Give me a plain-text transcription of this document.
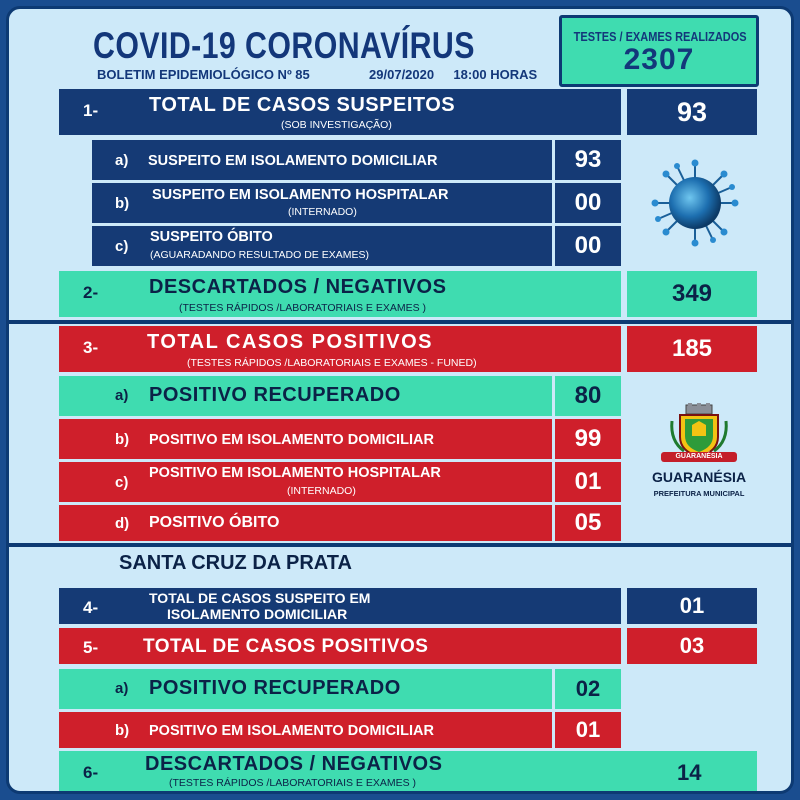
COVID-19 CORONAVÍRUS
BOLETIM EPIDEMIOLÓGICO Nº 85	29/07/2020 18:00 HORAS
TESTES / EXAMES REALIZADOS
2307
1-	TOTAL DE CASOS SUSPEITOS
(SOB INVESTIGAÇÃO)	93
a) SUSPEITO EM ISOLAMENTO DOMICILIAR	93
b) SUSPEITO EM ISOLAMENTO HOSPITALAR
(INTERNADO)	00
c)
SUSPEITO ÓBITO
(AGUARADANDO RESULTADO DE EXAMES)	00
2-	DESCARTADOS / NEGATIVOS
(TESTES RÁPIDOS /LABORATORIAIS E EXAMES )
349
3- TOTAL CASOS POSITIVOS
(TESTES RÁPIDOS /LABORATORIAIS E EXAMES - FUNED)
185
a) POSITIVO RECUPERADO	80
b) POSITIVO EM ISOLAMENTO DOMICILIAR	99
c)
POSITIVO EM ISOLAMENTO HOSPITALAR
(INTERNADO)	01
d) POSITIVO ÓBITO	05
GUARANÉSIA
GUARANÉSIA
PREFEITURA MUNICIPAL
SANTA CRUZ DA PRATA
4-	TOTAL DE CASOS SUSPEITO EM
ISOLAMENTO DOMICILIAR	01
5- TOTAL DE CASOS POSITIVOS	03
a) POSITIVO RECUPERADO	02
b) POSITIVO EM ISOLAMENTO DOMICILIAR	01
6- DESCARTADOS / NEGATIVOS
(TESTES RÁPIDOS /LABORATORIAIS E EXAMES )	14
